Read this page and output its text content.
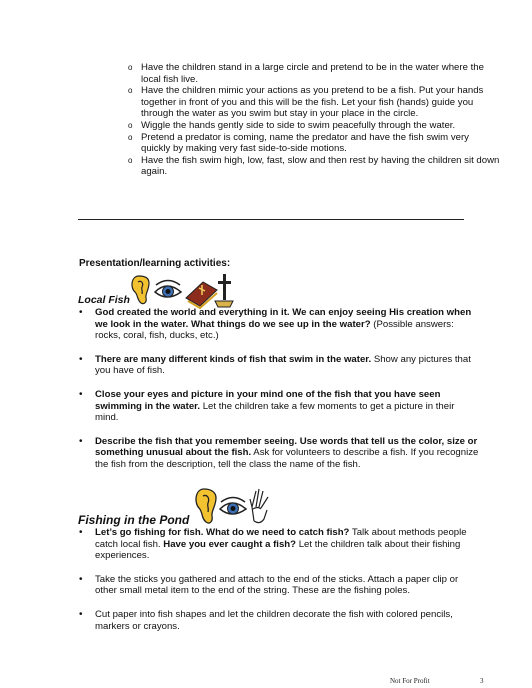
o Have the children stand in a large circle and pretend to be in the water where the local fish live.
o Have the children mimic your actions as you pretend to be a fish. Put your hands together in front of you and this will be the fish. Let your fish (hands) guide you through the water as you swim but stay in your place in the circle.
o Wiggle the hands gently side to side to swim peacefully through the water.
o Pretend a predator is coming, name the predator and have the fish swim very quickly by making very fast side-to-side motions.
o Have the fish swim high, low, fast, slow and then rest by having the children sit down again.
Presentation/learning activities:
Local Fish
• God created the world and everything in it. We can enjoy seeing His creation when we look in the water. What things do we see up in the water? (Possible answers: rocks, coral, fish, ducks, etc.)
• There are many different kinds of fish that swim in the water. Show any pictures that you have of fish.
• Close your eyes and picture in your mind one of the fish that you have seen swimming in the water. Let the children take a few moments to get a picture in their mind.
• Describe the fish that you remember seeing. Use words that tell us the color, size or something unusual about the fish. Ask for volunteers to describe a fish. If you recognize the fish from the description, tell the class the name of the fish.
Fishing in the Pond
• Let’s go fishing for fish. What do we need to catch fish? Talk about methods people catch local fish. Have you ever caught a fish? Let the children talk about their fishing experiences.
• Take the sticks you gathered and attach to the end of the sticks. Attach a paper clip or other small metal item to the end of the string. These are the fishing poles.
• Cut paper into fish shapes and let the children decorate the fish with colored pencils, markers or crayons.
Not For Profit	3
